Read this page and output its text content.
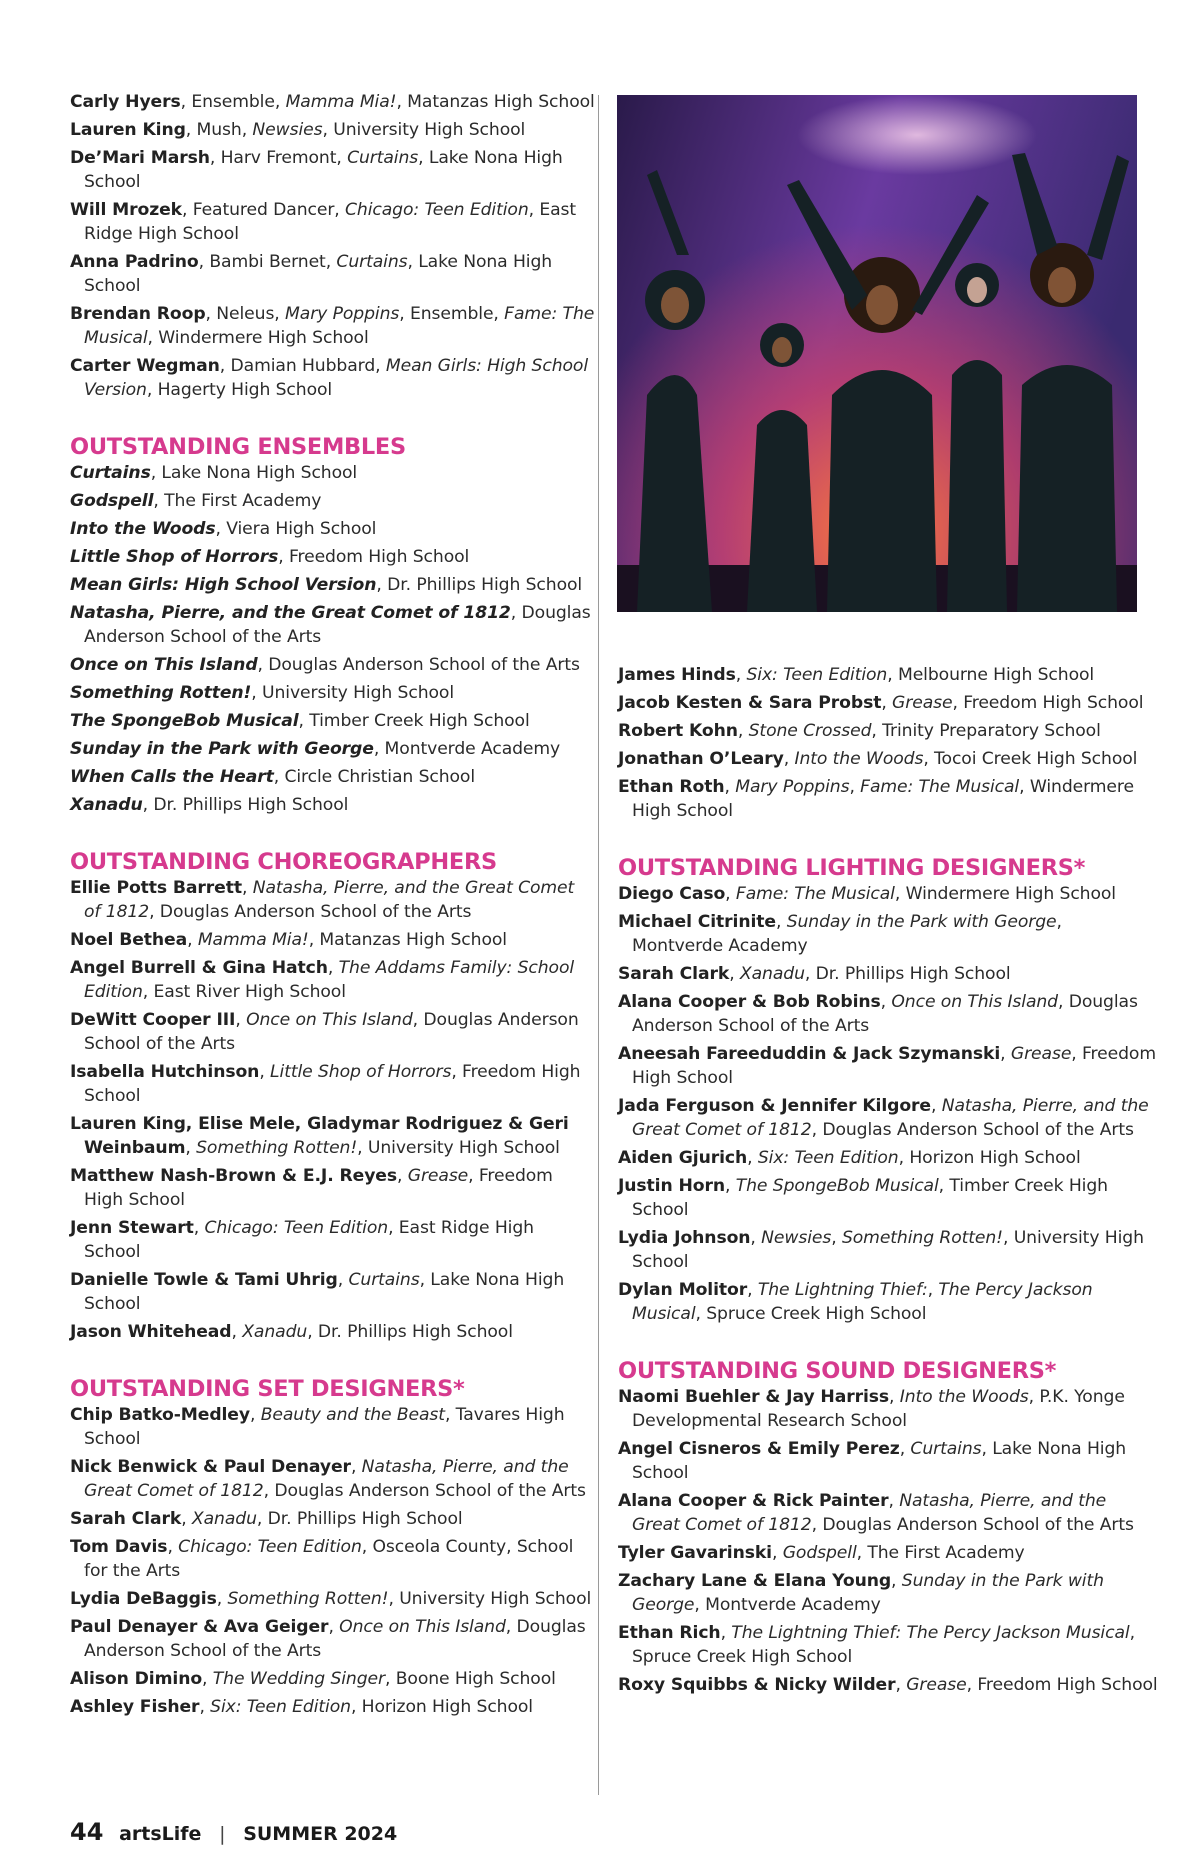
Carly Hyers, Ensemble, Mamma Mia!, Matanzas High School

Lauren King, Mush, Newsies, University High School

De’Mari Marsh, Harv Fremont, Curtains, Lake Nona High School

Will Mrozek, Featured Dancer, Chicago: Teen Edition, East Ridge High School

Anna Padrino, Bambi Bernet, Curtains, Lake Nona High School

Brendan Roop, Neleus, Mary Poppins, Ensemble, Fame: The Musical, Windermere High School

Carter Wegman, Damian Hubbard, Mean Girls: High School Version, Hagerty High School

OUTSTANDING ENSEMBLES

Curtains, Lake Nona High School

Godspell, The First Academy

Into the Woods, Viera High School

Little Shop of Horrors, Freedom High School

Mean Girls: High School Version, Dr. Phillips High School

Natasha, Pierre, and the Great Comet of 1812, Douglas Anderson School of the Arts

Once on This Island, Douglas Anderson School of the Arts

Something Rotten!, University High School

The SpongeBob Musical, Timber Creek High School

Sunday in the Park with George, Montverde Academy

When Calls the Heart, Circle Christian School

Xanadu, Dr. Phillips High School

OUTSTANDING CHOREOGRAPHERS

Ellie Potts Barrett, Natasha, Pierre, and the Great Comet of 1812, Douglas Anderson School of the Arts

Noel Bethea, Mamma Mia!, Matanzas High School

Angel Burrell & Gina Hatch, The Addams Family: School Edition, East River High School

DeWitt Cooper III, Once on This Island, Douglas Anderson School of the Arts

Isabella Hutchinson, Little Shop of Horrors, Freedom High School

Lauren King, Elise Mele, Gladymar Rodriguez & Geri Weinbaum, Something Rotten!, University High School

Matthew Nash-Brown & E.J. Reyes, Grease, Freedom High School

Jenn Stewart, Chicago: Teen Edition, East Ridge High School

Danielle Towle & Tami Uhrig, Curtains, Lake Nona High School

Jason Whitehead, Xanadu, Dr. Phillips High School

OUTSTANDING SET DESIGNERS*

Chip Batko-Medley, Beauty and the Beast, Tavares High School

Nick Benwick & Paul Denayer, Natasha, Pierre, and the Great Comet of 1812, Douglas Anderson School of the Arts

Sarah Clark, Xanadu, Dr. Phillips High School

Tom Davis, Chicago: Teen Edition, Osceola County, School for the Arts

Lydia DeBaggis, Something Rotten!, University High School

Paul Denayer & Ava Geiger, Once on This Island, Douglas Anderson School of the Arts

Alison Dimino, The Wedding Singer, Boone High School

Ashley Fisher, Six: Teen Edition, Horizon High School

James Hinds, Six: Teen Edition, Melbourne High School

Jacob Kesten & Sara Probst, Grease, Freedom High School

Robert Kohn, Stone Crossed, Trinity Preparatory School

Jonathan O’Leary, Into the Woods, Tocoi Creek High School

Ethan Roth, Mary Poppins, Fame: The Musical, Windermere High School

OUTSTANDING LIGHTING DESIGNERS*

Diego Caso, Fame: The Musical, Windermere High School

Michael Citrinite, Sunday in the Park with George, Montverde Academy

Sarah Clark, Xanadu, Dr. Phillips High School

Alana Cooper & Bob Robins, Once on This Island, Douglas Anderson School of the Arts

Aneesah Fareeduddin & Jack Szymanski, Grease, Freedom High School

Jada Ferguson & Jennifer Kilgore, Natasha, Pierre, and the Great Comet of 1812, Douglas Anderson School of the Arts

Aiden Gjurich, Six: Teen Edition, Horizon High School

Justin Horn, The SpongeBob Musical, Timber Creek High School

Lydia Johnson, Newsies, Something Rotten!, University High School

Dylan Molitor, The Lightning Thief:, The Percy Jackson Musical, Spruce Creek High School

OUTSTANDING SOUND DESIGNERS*

Naomi Buehler & Jay Harriss, Into the Woods, P.K. Yonge Developmental Research School

Angel Cisneros & Emily Perez, Curtains, Lake Nona High School

Alana Cooper & Rick Painter, Natasha, Pierre, and the Great Comet of 1812, Douglas Anderson School of the Arts

Tyler Gavarinski, Godspell, The First Academy

Zachary Lane & Elana Young, Sunday in the Park with George, Montverde Academy

Ethan Rich, The Lightning Thief: The Percy Jackson Musical, Spruce Creek High School

Roxy Squibbs & Nicky Wilder, Grease, Freedom High School

44 artsLife | SUMMER 2024
